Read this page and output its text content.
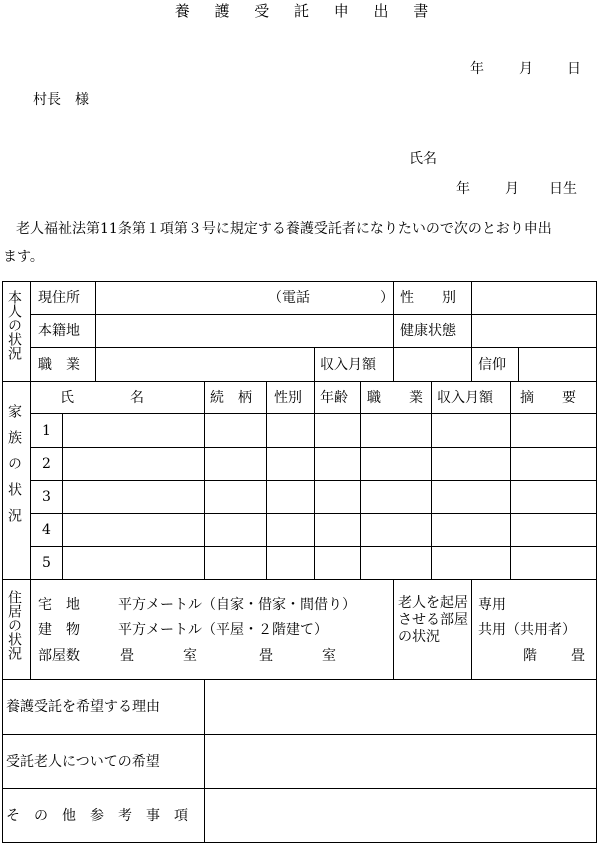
養 護 受 託 申 出 書
年	月 日
村長　様
氏名
年	月 日生
老人福祉法第11条第１項第３号に規定する養護受託者になりたいので次のとおり申出
ます。
本人の状況 現住所	（電話　　　　　） 性　　別
本籍地	健康状態
職　業	収入月額	信仰
家族の状況
氏　　　　名	続　柄 性別 年齢 職　　業 収入月額 摘　　要
1
2
3
4
5
住居の状況 宅　地	平方メートル（自家・借家・間借り）
建　物	平方メートル（平屋・２階建て）
部屋数	畳	室	畳	室
老人を起居させる部屋の状況
専用
共用（共用者）
階 畳
養護受託を希望する理由
受託老人についての希望
そ　の　他　参　考　事　項
